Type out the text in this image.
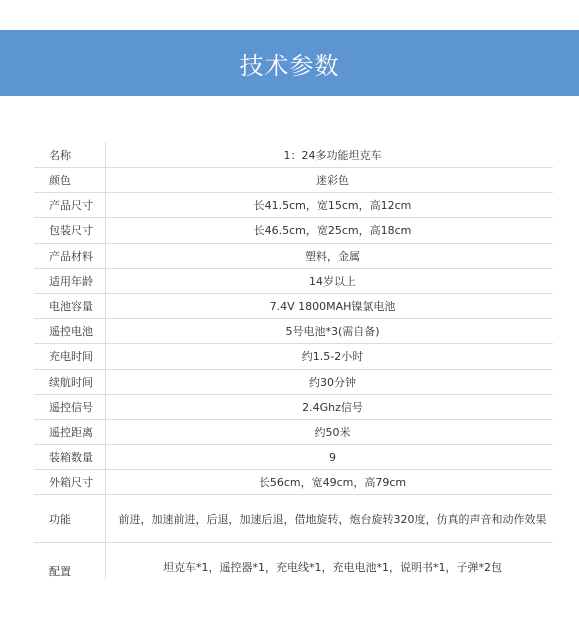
技术参数
名称	1：24多功能坦克车
颜色	迷彩色
产品尺寸	长41.5cm，宽15cm，高12cm
包装尺寸	长46.5cm，宽25cm，高18cm
产品材料	塑料，金属
适用年龄	14岁以上
电池容量	7.4V 1800MAH镍氯电池
遥控电池	5号电池*3(需自备)
充电时间	约1.5-2小时
续航时间	约30分钟
遥控信号	2.4Ghz信号
遥控距离	约50米
装箱数量	9
外箱尺寸	长56cm，宽49cm，高79cm
功能	前进，加速前进，后退，加速后退，借地旋转，炮台旋转320度，仿真的声音和动作效果
配置	坦克车*1，遥控器*1，充电线*1，充电电池*1，说明书*1，子弹*2包
